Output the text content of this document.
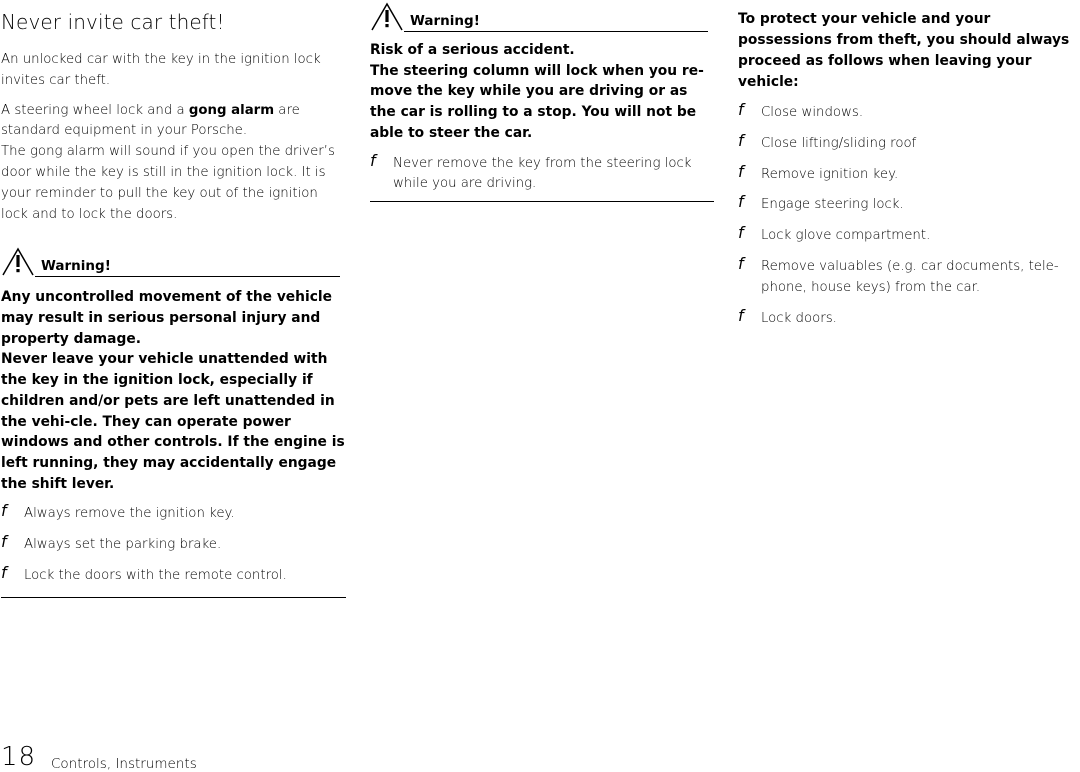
Never invite car theft!

An unlocked car with the key in the ignition lock invites car theft.

A steering wheel lock and a gong alarm are standard equipment in your Porsche.
The gong alarm will sound if you open the driver’s door while the key is still in the ignition lock. It is your reminder to pull the key out of the ignition lock and to lock the doors.

Warning!

Any uncontrolled movement of the vehicle may result in serious personal injury and property damage.
Never leave your vehicle unattended with the key in the ignition lock, especially if children and/or pets are left unattended in the vehi-cle. They can operate power windows and other controls. If the engine is left running, they may accidentally engage the shift lever.

f Always remove the ignition key.
f Always set the parking brake.
f Lock the doors with the remote control.
Warning!

Risk of a serious accident.
The steering column will lock when you re-move the key while you are driving or as the car is rolling to a stop. You will not be able to steer the car.

f Never remove the key from the steering lock while you are driving.

To protect your vehicle and your possessions from theft, you should always proceed as follows when leaving your vehicle:

f Close windows.
f Close lifting/sliding roof
f Remove ignition key.
f Engage steering lock.
f Lock glove compartment.
f Remove valuables (e.g. car documents, tele-phone, house keys) from the car.
f Lock doors.
18 Controls, Instruments
